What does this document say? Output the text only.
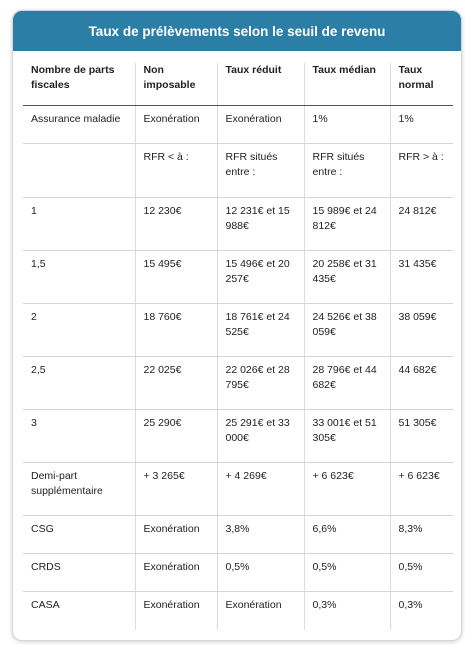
Taux de prélèvements selon le seuil de revenu
Nombre de parts fiscales	Non imposable	Taux réduit	Taux médian	Taux normal
Assurance maladie	Exonération	Exonération	1%	1%
	RFR < à :	RFR situés entre :	RFR situés entre :	RFR > à :
1	12 230€	12 231€ et 15 988€	15 989€ et 24 812€	24 812€
1,5	15 495€	15 496€ et 20 257€	20 258€ et 31 435€	31 435€
2	18 760€	18 761€ et 24 525€	24 526€ et 38 059€	38 059€
2,5	22 025€	22 026€ et 28 795€	28 796€ et 44 682€	44 682€
3	25 290€	25 291€ et 33 000€	33 001€ et 51 305€	51 305€
Demi-part supplémentaire	+ 3 265€	+ 4 269€	+ 6 623€	+ 6 623€
CSG	Exonération	3,8%	6,6%	8,3%
CRDS	Exonération	0,5%	0,5%	0,5%
CASA	Exonération	Exonération	0,3%	0,3%
